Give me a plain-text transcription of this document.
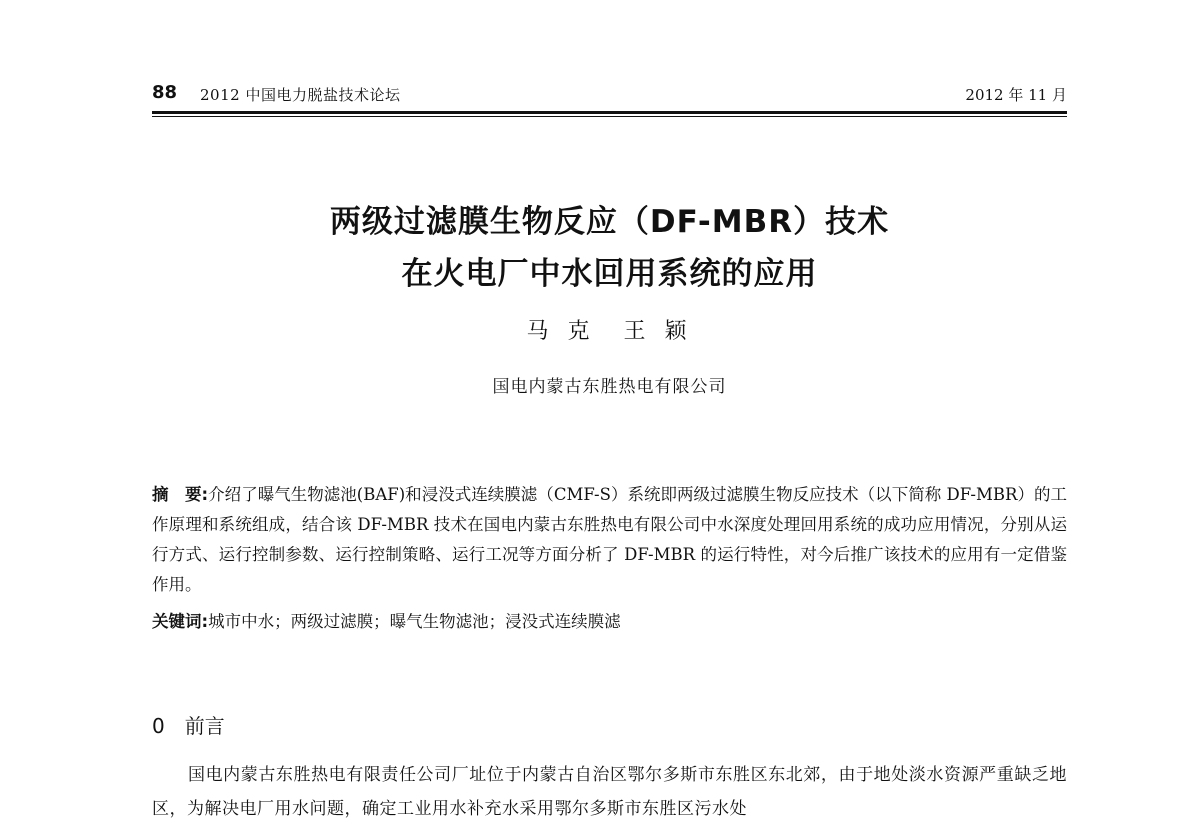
88 2012 中国电力脱盐技术论坛	2012 年 11 月
两级过滤膜生物反应（DF-MBR）技术
在火电厂中水回用系统的应用
马 克　王 颖
国电内蒙古东胜热电有限公司
摘　要:介绍了曝气生物滤池(BAF)和浸没式连续膜滤（CMF-S）系统即两级过滤膜生物反应技术（以下简称 DF-MBR）的工作原理和系统组成，结合该 DF-MBR 技术在国电内蒙古东胜热电有限公司中水深度处理回用系统的成功应用情况，分别从运行方式、运行控制参数、运行控制策略、运行工况等方面分析了 DF-MBR 的运行特性，对今后推广该技术的应用有一定借鉴作用。
关键词:城市中水；两级过滤膜；曝气生物滤池；浸没式连续膜滤
0 前言
国电内蒙古东胜热电有限责任公司厂址位于内蒙古自治区鄂尔多斯市东胜区东北郊，由于地处淡水资源严重缺乏地区，为解决电厂用水问题，确定工业用水补充水采用鄂尔多斯市东胜区污水处
